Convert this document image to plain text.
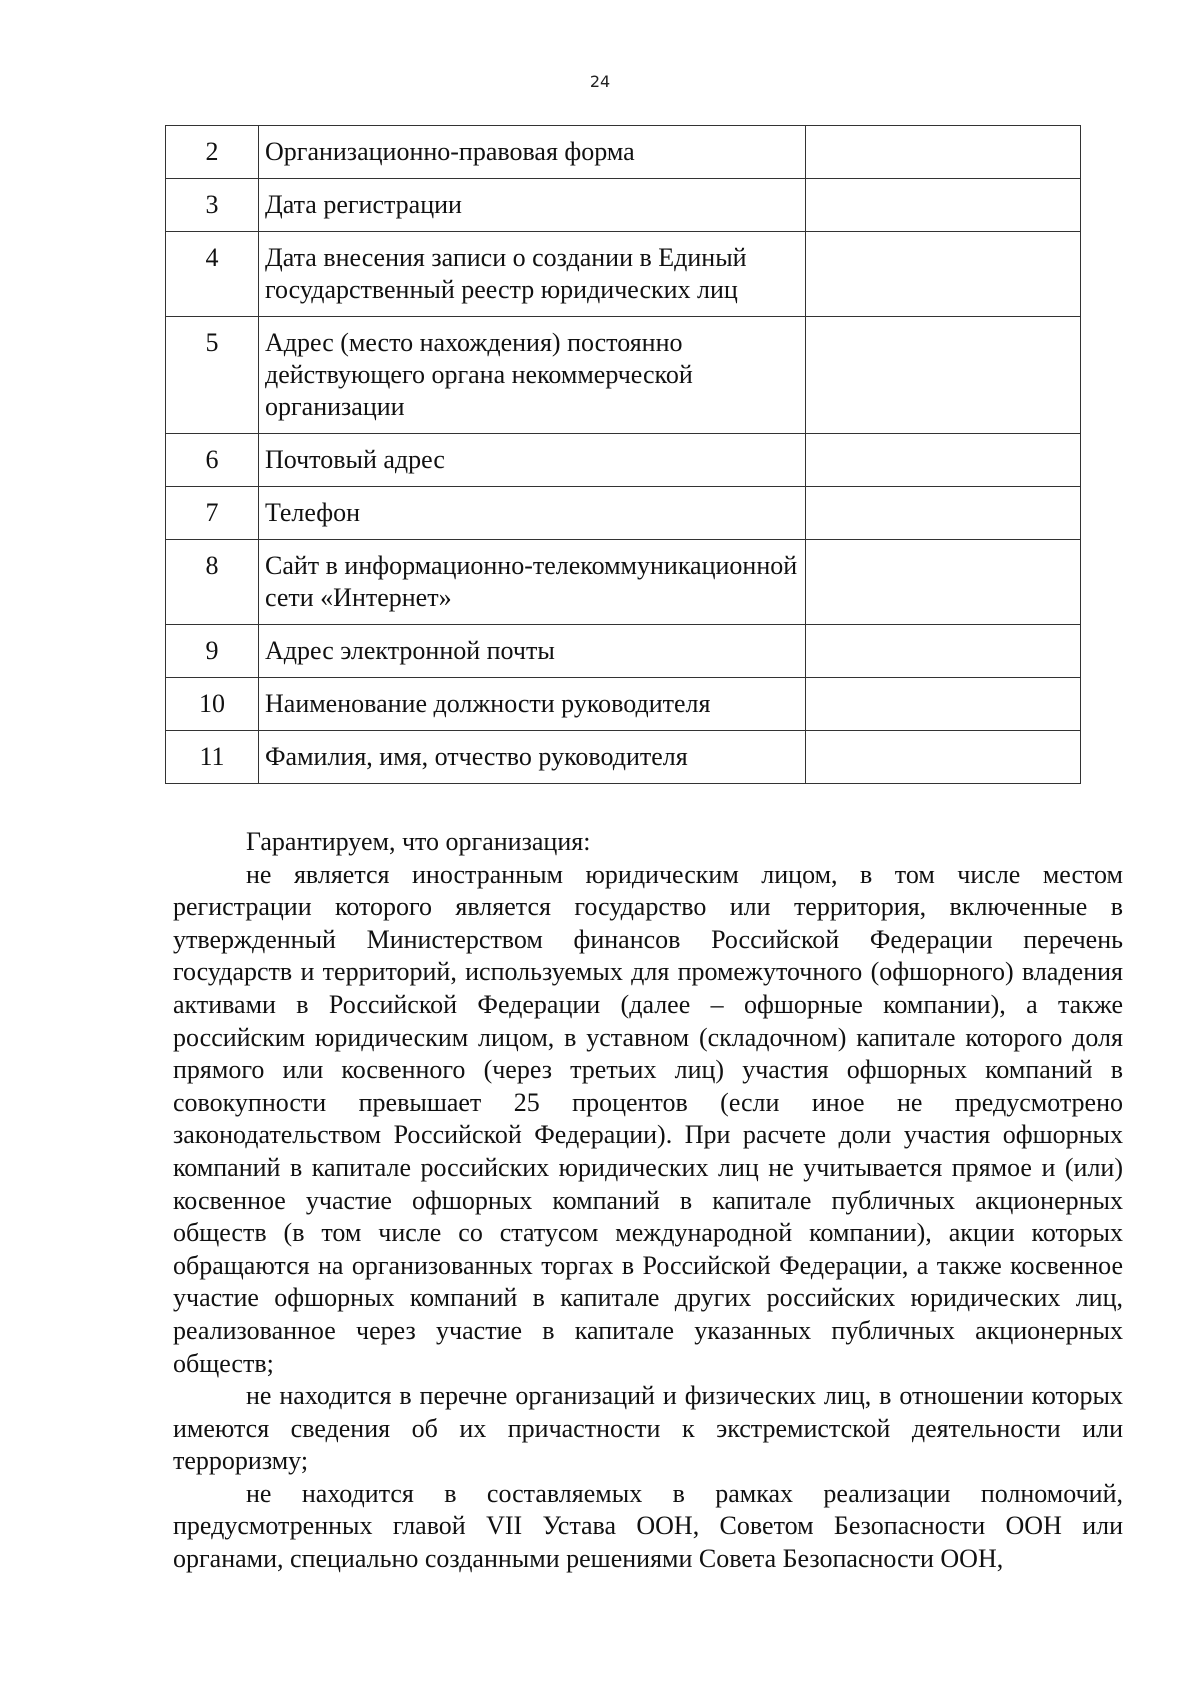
24
2	Организационно-правовая форма	
3	Дата регистрации	
4	Дата внесения записи о создании в Единый государственный реестр юридических лиц	
5	Адрес (место нахождения) постоянно действующего органа некоммерческой организации	
6	Почтовый адрес	
7	Телефон	
8	Сайт в информационно-телекоммуникационной сети «Интернет»	
9	Адрес электронной почты	
10	Наименование должности руководителя	
11	Фамилия, имя, отчество руководителя	

Гарантируем, что организация:

не является иностранным юридическим лицом, в том числе местом регистрации которого является государство или территория, включенные в утвержденный Министерством финансов Российской Федерации перечень государств и территорий, используемых для промежуточного (офшорного) владения активами в Российской Федерации (далее – офшорные компании), а также российским юридическим лицом, в уставном (складочном) капитале которого доля прямого или косвенного (через третьих лиц) участия офшорных компаний в совокупности превышает 25 процентов (если иное не предусмотрено законодательством Российской Федерации). При расчете доли участия офшорных компаний в капитале российских юридических лиц не учитывается прямое и (или) косвенное участие офшорных компаний в капитале публичных акционерных обществ (в том числе со статусом международной компании), акции которых обращаются на организованных торгах в Российской Федерации, а также косвенное участие офшорных компаний в капитале других российских юридических лиц, реализованное через участие в капитале указанных публичных акционерных обществ;

не находится в перечне организаций и физических лиц, в отношении которых имеются сведения об их причастности к экстремистской деятельности или терроризму;

не находится в составляемых в рамках реализации полномочий, предусмотренных главой VII Устава ООН, Советом Безопасности ООН или органами, специально созданными решениями Совета Безопасности ООН,
